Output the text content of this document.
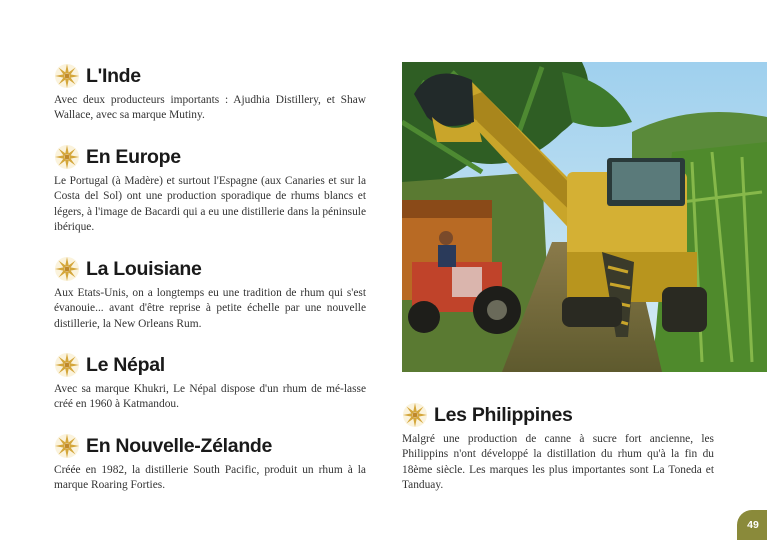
L'Inde

Avec deux producteurs importants : Ajudhia Distillery, et Shaw Wallace, avec sa marque Mutiny.

En Europe

Le Portugal (à Madère) et surtout l'Espagne (aux Canaries et sur la Costa del Sol) ont une production sporadique de rhums blancs et légers, à l'image de Bacardi qui a eu une distillerie dans la péninsule ibérique.

La Louisiane

Aux Etats-Unis, on a longtemps eu une tradition de rhum qui s'est évanouie... avant d'être reprise à petite échelle par une nouvelle distillerie, la New Orleans Rum.

Le Népal

Avec sa marque Khukri, Le Népal dispose d'un rhum de mé-lasse créé en 1960 à Katmandou.

En Nouvelle-Zélande

Créée en 1982, la distillerie South Pacific, produit un rhum à la marque Roaring Forties.

Les Philippines

Malgré une production de canne à sucre fort ancienne, les Philippins n'ont développé la distillation du rhum qu'à la fin du 18ème siècle. Les marques les plus importantes sont La Toneda et Tanduay.

49
